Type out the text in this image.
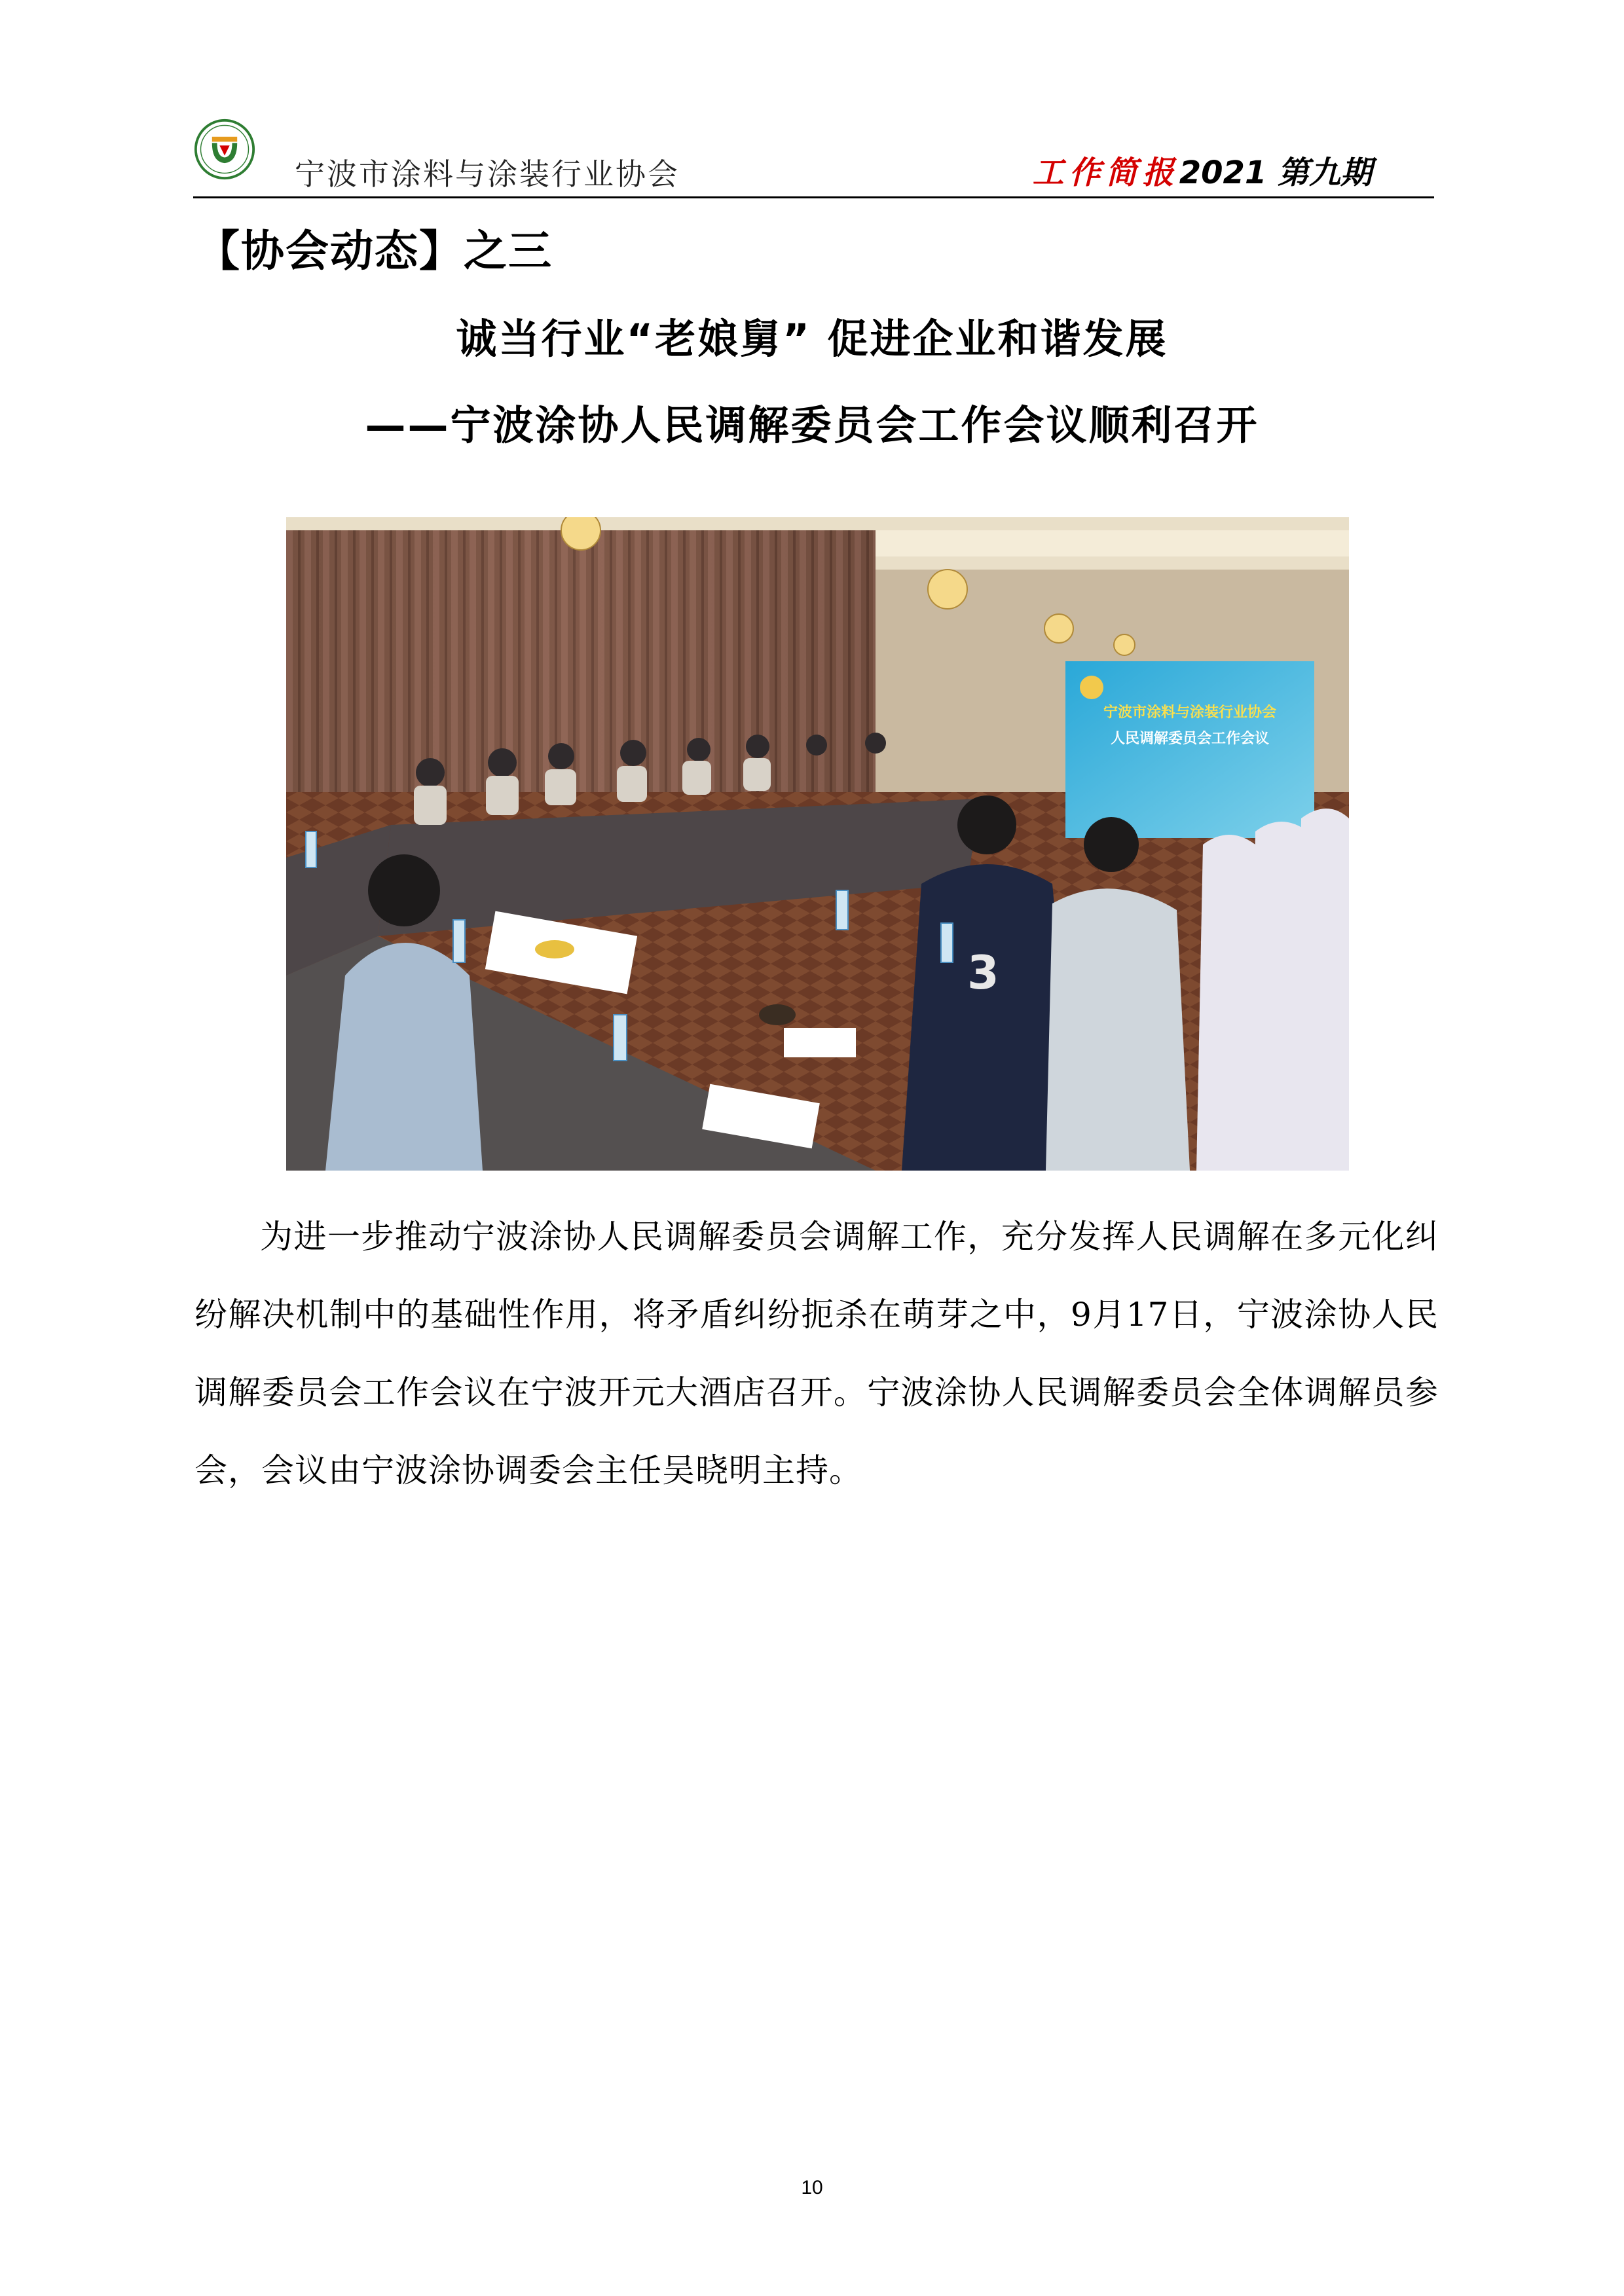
宁波市涂料与涂装行业协会	工作简报2021 第九期
【协会动态】之三
诚当行业“老娘舅” 促进企业和谐发展
——宁波涂协人民调解委员会工作会议顺利召开
宁波市涂料与涂装行业协会
人民调解委员会工作会议
3

为进一步推动宁波涂协人民调解委员会调解工作，充分发挥人民调解在多元化纠纷解决机制中的基础性作用，将矛盾纠纷扼杀在萌芽之中，9月17日，宁波涂协人民调解委员会工作会议在宁波开元大酒店召开。宁波涂协人民调解委员会全体调解员参会，会议由宁波涂协调委会主任吴晓明主持。

10
